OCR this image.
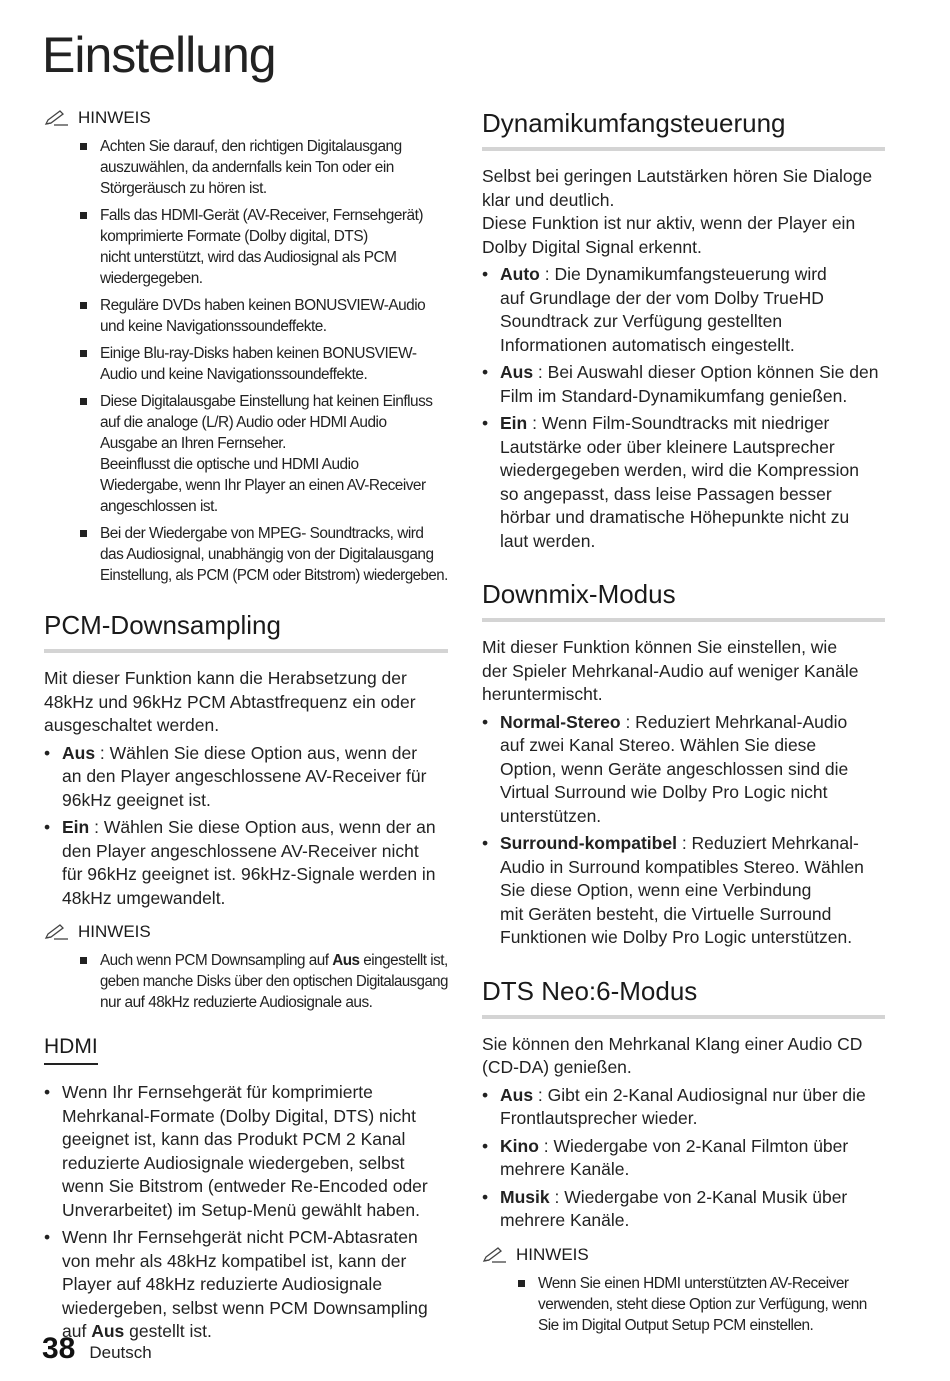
Einstellung
HINWEIS
Achten Sie darauf, den richtigen Digitalausgang
auszuwählen, da andernfalls kein Ton oder ein
Störgeräusch zu hören ist.
Falls das HDMI-Gerät (AV-Receiver, Fernsehgerät)
komprimierte Formate (Dolby digital, DTS)
nicht unterstützt, wird das Audiosignal als PCM
wiedergegeben.
Reguläre DVDs haben keinen BONUSVIEW-Audio
und keine Navigationssoundeffekte.
Einige Blu-ray-Disks haben keinen BONUSVIEW-
Audio und keine Navigationssoundeffekte.
Diese Digitalausgabe Einstellung hat keinen Einfluss
auf die analoge (L/R) Audio oder HDMI Audio
Ausgabe an Ihren Fernseher.
Beeinflusst die optische und HDMI Audio
Wiedergabe, wenn Ihr Player an einen AV-Receiver
angeschlossen ist.
Bei der Wiedergabe von MPEG- Soundtracks, wird
das Audiosignal, unabhängig von der Digitalausgang
Einstellung, als PCM (PCM oder Bitstrom) wiedergeben.
PCM-Downsampling

Mit dieser Funktion kann die Herabsetzung der
48kHz und 96kHz PCM Abtastfrequenz ein oder
ausgeschaltet werden.

• Aus : Wählen Sie diese Option aus, wenn der
an den Player angeschlossene AV-Receiver für
96kHz geeignet ist.
• Ein : Wählen Sie diese Option aus, wenn der an
den Player angeschlossene AV-Receiver nicht
für 96kHz geeignet ist. 96kHz-Signale werden in
48kHz umgewandelt.
HINWEIS
Auch wenn PCM Downsampling auf Aus eingestellt ist,
geben manche Disks über den optischen Digitalausgang
nur auf 48kHz reduzierte Audiosignale aus.
HDMI
• Wenn Ihr Fernsehgerät für komprimierte
Mehrkanal-Formate (Dolby Digital, DTS) nicht
geeignet ist, kann das Produkt PCM 2 Kanal
reduzierte Audiosignale wiedergeben, selbst
wenn Sie Bitstrom (entweder Re-Encoded oder
Unverarbeitet) im Setup-Menü gewählt haben.
• Wenn Ihr Fernsehgerät nicht PCM-Abtasraten
von mehr als 48kHz kompatibel ist, kann der
Player auf 48kHz reduzierte Audiosignale
wiedergeben, selbst wenn PCM Downsampling
auf Aus gestellt ist.
Dynamikumfangsteuerung

Selbst bei geringen Lautstärken hören Sie Dialoge
klar und deutlich.
Diese Funktion ist nur aktiv, wenn der Player ein
Dolby Digital Signal erkennt.

• Auto : Die Dynamikumfangsteuerung wird
auf Grundlage der der vom Dolby TrueHD
Soundtrack zur Verfügung gestellten
Informationen automatisch eingestellt.
• Aus : Bei Auswahl dieser Option können Sie den
Film im Standard-Dynamikumfang genießen.
• Ein : Wenn Film-Soundtracks mit niedriger
Lautstärke oder über kleinere Lautsprecher
wiedergegeben werden, wird die Kompression
so angepasst, dass leise Passagen besser
hörbar und dramatische Höhepunkte nicht zu
laut werden.
Downmix-Modus

Mit dieser Funktion können Sie einstellen, wie
der Spieler Mehrkanal-Audio auf weniger Kanäle
heruntermischt.

• Normal-Stereo : Reduziert Mehrkanal-Audio
auf zwei Kanal Stereo. Wählen Sie diese
Option, wenn Geräte angeschlossen sind die
Virtual Surround wie Dolby Pro Logic nicht
unterstützen.
• Surround-kompatibel : Reduziert Mehrkanal-
Audio in Surround kompatibles Stereo. Wählen
Sie diese Option, wenn eine Verbindung
mit Geräten besteht, die Virtuelle Surround
Funktionen wie Dolby Pro Logic unterstützen.
DTS Neo:6-Modus

Sie können den Mehrkanal Klang einer Audio CD
(CD-DA) genießen.

• Aus : Gibt ein 2-Kanal Audiosignal nur über die
Frontlautsprecher wieder.
• Kino : Wiedergabe von 2-Kanal Filmton über
mehrere Kanäle.
• Musik : Wiedergabe von 2-Kanal Musik über
mehrere Kanäle.
HINWEIS
Wenn Sie einen HDMI unterstützten AV-Receiver
verwenden, steht diese Option zur Verfügung, wenn
Sie im Digital Output Setup PCM einstellen.
38 Deutsch
